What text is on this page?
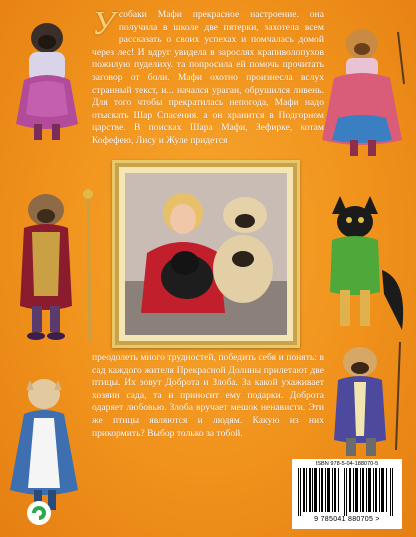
У собаки Мафи прекрасное настроение. она получила в школе две пятерки, захотела всем рассказать о своих успехах и помчалась домой через лес! И вдруг увидела в зарослях крапиволопухов пожилую пуделиху. та попросила ей помочь прочитать заговор от боли. Мафи охотно произнесла вслух странный текст, и... начался ураган, обрушился ливень. Для того чтобы прекратилась непогода, Мафи надо отыскать Шар Спасения. а он хранится в Подгорном царстве. В поисках Шара Мафи, Зефирке, котам Кофефею, Лису и Жуле придется
преодолеть много трудностей, победить себя и понять: в сад каждого жителя Прекрасной Долины прилетают две птицы. Их зовут Доброта и Злоба. За какой ухаживает хозяин сада, та и приносит ему подарки. Доброта одаряет любовью. Злоба вручает мешок ненависти. Эти же птицы являются и людям. Какую из них прикормить? Выбор только за тобой.
ISBN 978-5-04-188070-5
9 785041 880705 >
